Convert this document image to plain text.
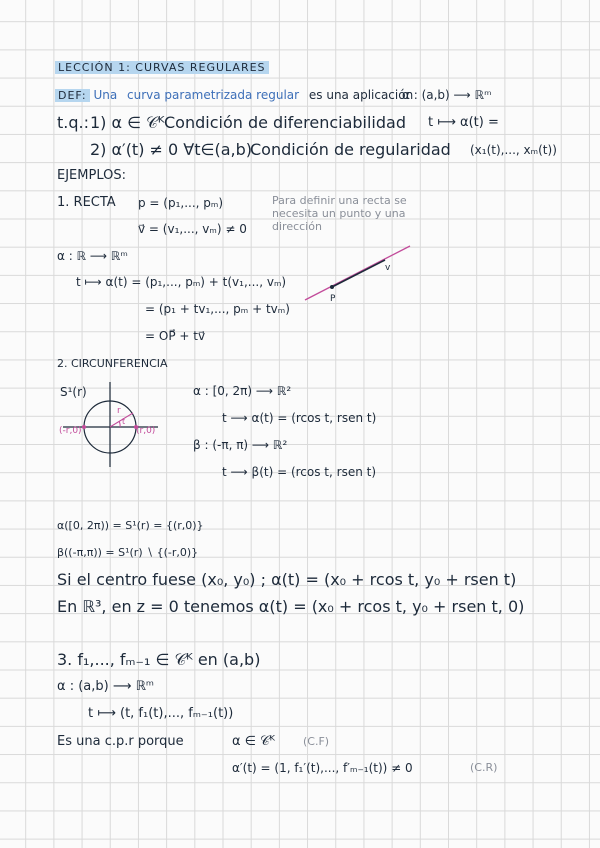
LECCIÓN 1: CURVAS REGULARES
DEF: Una curva parametrizada regular es una aplicación
α : (a,b) ⟶ ℝᵐ
t.q.: 1) α ∈ 𝒞ᴷ Condición de diferenciabilidad t ⟼ α(t) =
2) α′(t) ≠ 0 ∀t∈(a,b)
Condición de regularidad (x₁(t),..., xₘ(t))
EJEMPLOS:
1. RECTA p = (p₁,..., pₘ)
v⃗ = (v₁,..., vₘ) ≠ 0
Para definir una recta se necesita un punto y una dirección
α : ℝ ⟶ ℝᵐ
t ⟼ α(t) = (p₁,..., pₘ) + t(v₁,..., vₘ)
= (p₁ + tv₁,..., pₘ + tvₘ)
= OP⃗ + tv⃗
P
v
2. CIRCUNFERENCIA
S¹(r)
(-r,0)	(r,0)
r
t
α : [0, 2π) ⟶ ℝ²
t ⟶ α(t) = (rcos t, rsen t)
β : (-π, π) ⟶ ℝ²
t ⟶ β(t) = (rcos t, rsen t)
α([0, 2π)) = S¹(r) = {(r,0)}
β((-π,π)) = S¹(r) ∖ {(-r,0)}
Si el centro fuese (x₀, y₀) ; α(t) = (x₀ + rcos t, y₀ + rsen t)
En ℝ³, en z = 0 tenemos α(t) = (x₀ + rcos t, y₀ + rsen t, 0)
3. f₁,..., fₘ₋₁ ∈ 𝒞ᴷ en (a,b)
α : (a,b) ⟶ ℝᵐ
t ⟼ (t, f₁(t),..., fₘ₋₁(t))
Es una c.p.r porque	α ∈ 𝒞ᴷ	(C.F)
α′(t) = (1, f₁′(t),..., f′ₘ₋₁(t)) ≠ 0	(C.R)
